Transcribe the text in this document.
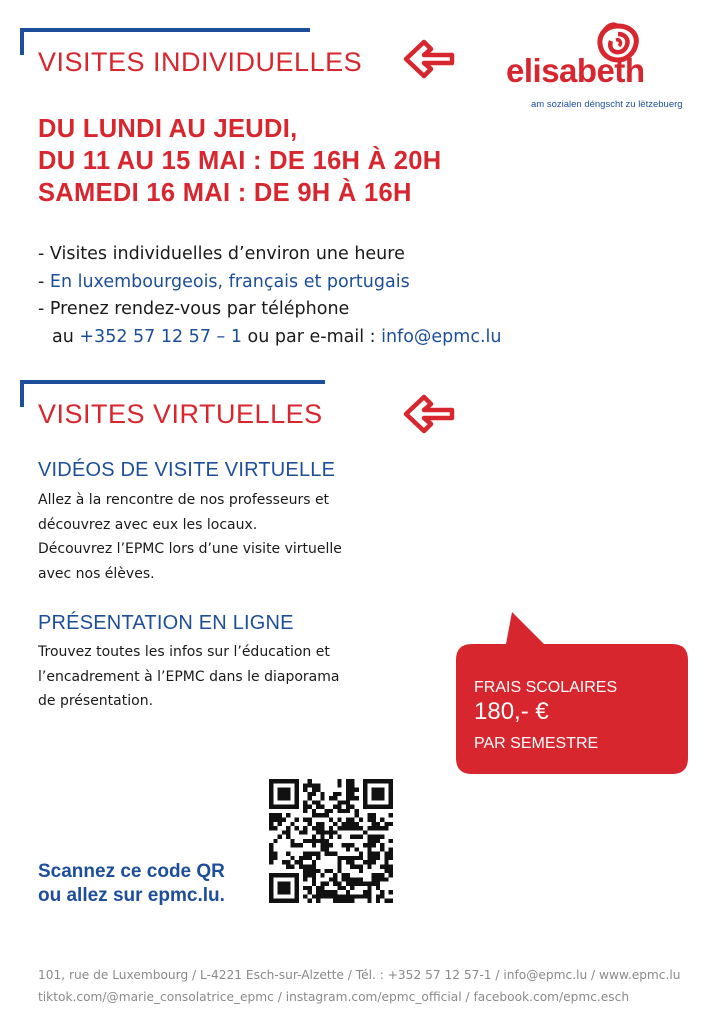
elisabeth
am sozialen déngscht zu lëtzebuerg
VISITES INDIVIDUELLES
DU LUNDI AU JEUDI,
DU 11 AU 15 MAI : DE 16H À 20H
SAMEDI 16 MAI : DE 9H À 16H
- Visites individuelles d’environ une heure
- En luxembourgeois, français et portugais
- Prenez rendez-vous par téléphone
au +352 57 12 57 – 1 ou par e-mail : info@epmc.lu
VISITES VIRTUELLES
VIDÉOS DE VISITE VIRTUELLE
Allez à la rencontre de nos professeurs et
découvrez avec eux les locaux.
Découvrez l’EPMC lors d’une visite virtuelle
avec nos élèves.
PRÉSENTATION EN LIGNE
Trouvez toutes les infos sur l’éducation et
l’encadrement à l’EPMC dans le diaporama
de présentation.
FRAIS SCOLAIRES
180,- €
PAR SEMESTRE
Scannez ce code QR
ou allez sur epmc.lu.
101, rue de Luxembourg / L-4221 Esch-sur-Alzette / Tél. : +352 57 12 57-1 / info@epmc.lu / www.epmc.lu
tiktok.com/@marie_consolatrice_epmc / instagram.com/epmc_official / facebook.com/epmc.esch
